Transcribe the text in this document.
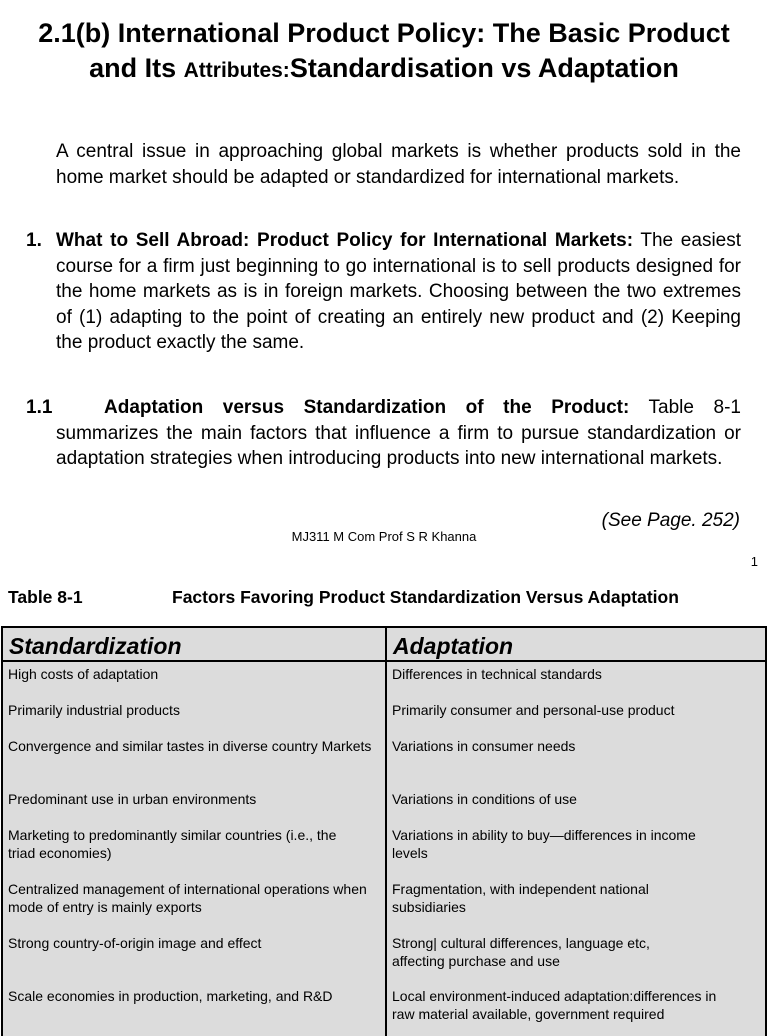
2.1(b) International Product Policy: The Basic Product
and Its Attributes:Standardisation vs Adaptation
A central issue in approaching global markets is whether products sold in the home market should be adapted or standardized for international markets.
1. What to Sell Abroad: Product Policy for International Markets: The easiest course for a firm just beginning to go international is to sell products designed for the home markets as is in foreign markets. Choosing between the two extremes of (1) adapting to the point of creating an entirely new product and (2) Keeping the product exactly the same.
1.1	Adaptation versus Standardization of the Product: Table 8-1 summarizes the main factors that influence a firm to pursue standardization or adaptation strategies when introducing products into new international markets.
(See Page. 252)
MJ311 M Com Prof S R Khanna
1
Table 8-1	Factors Favoring Product Standardization Versus Adaptation
Standardization
High costs of adaptation
Primarily industrial products
Convergence and similar tastes in diverse country Markets
Predominant use in urban environments
Marketing to predominantly similar countries (i.e., the triad economies)
Centralized management of international operations when mode of entry is mainly exports
Strong country-of-origin image and effect
Scale economies in production, marketing, and R&D
Adaptation
Differences in technical standards
Primarily consumer and personal-use product
Variations in consumer needs
Variations in conditions of use
Variations in ability to buy—differences in income levels
Fragmentation, with independent national subsidiaries
Strong| cultural differences, language etc, affecting purchase and use
Local environment-induced adaptation:differences in raw material available, government required
